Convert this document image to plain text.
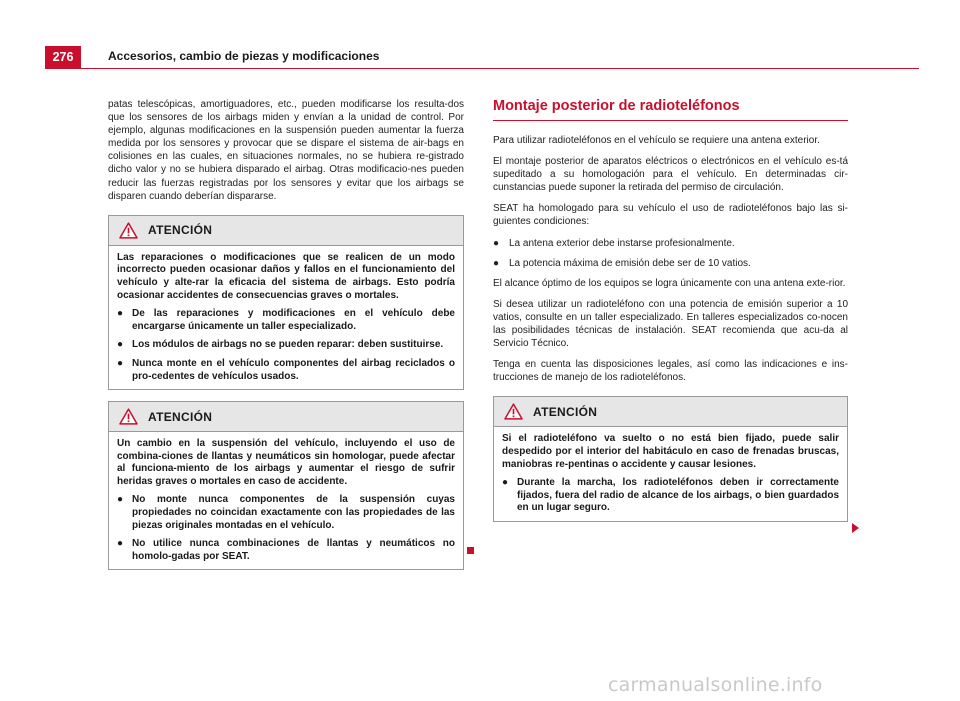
276	Accesorios, cambio de piezas y modificaciones

patas telescópicas, amortiguadores, etc., pueden modificarse los resulta-dos que los sensores de los airbags miden y envían a la unidad de control. Por ejemplo, algunas modificaciones en la suspensión pueden aumentar la fuerza medida por los sensores y provocar que se dispare el sistema de air-bags en colisiones en las cuales, en situaciones normales, no se hubiera re-gistrado dicho valor y no se hubiera disparado el airbag. Otras modificacio-nes pueden reducir las fuerzas registradas por los sensores y evitar que los airbags se disparen cuando deberían dispararse.

ATENCIÓN

Las reparaciones o modificaciones que se realicen de un modo incorrecto pueden ocasionar daños y fallos en el funcionamiento del vehículo y alte-rar la eficacia del sistema de airbags. Esto podría ocasionar accidentes de consecuencias graves o mortales.

● De las reparaciones y modificaciones en el vehículo debe encargarse únicamente un taller especializado.
● Los módulos de airbags no se pueden reparar: deben sustituirse.
● Nunca monte en el vehículo componentes del airbag reciclados o pro-cedentes de vehículos usados.
ATENCIÓN

Un cambio en la suspensión del vehículo, incluyendo el uso de combina-ciones de llantas y neumáticos sin homologar, puede afectar al funciona-miento de los airbags y aumentar el riesgo de sufrir heridas graves o mortales en caso de accidente.

● No monte nunca componentes de la suspensión cuyas propiedades no coincidan exactamente con las propiedades de las piezas originales montadas en el vehículo.
● No utilice nunca combinaciones de llantas y neumáticos no homolo-gadas por SEAT.
Montaje posterior de radioteléfonos

Para utilizar radioteléfonos en el vehículo se requiere una antena exterior.

El montaje posterior de aparatos eléctricos o electrónicos en el vehículo es-tá supeditado a su homologación para el vehículo. En determinadas cir-cunstancias puede suponer la retirada del permiso de circulación.

SEAT ha homologado para su vehículo el uso de radioteléfonos bajo las si-guientes condiciones:

● La antena exterior debe instarse profesionalmente.
● La potencia máxima de emisión debe ser de 10 vatios.

El alcance óptimo de los equipos se logra únicamente con una antena exte-rior.

Si desea utilizar un radioteléfono con una potencia de emisión superior a 10 vatios, consulte en un taller especializado. En talleres especializados co-nocen las posibilidades técnicas de instalación. SEAT recomienda que acu-da al Servicio Técnico.

Tenga en cuenta las disposiciones legales, así como las indicaciones e ins-trucciones de manejo de los radioteléfonos.

ATENCIÓN

Si el radioteléfono va suelto o no está bien fijado, puede salir despedido por el interior del habitáculo en caso de frenadas bruscas, maniobras re-pentinas o accidente y causar lesiones.

● Durante la marcha, los radioteléfonos deben ir correctamente fijados, fuera del radio de alcance de los airbags, o bien guardados en un lugar seguro.
carmanualsonline.info
